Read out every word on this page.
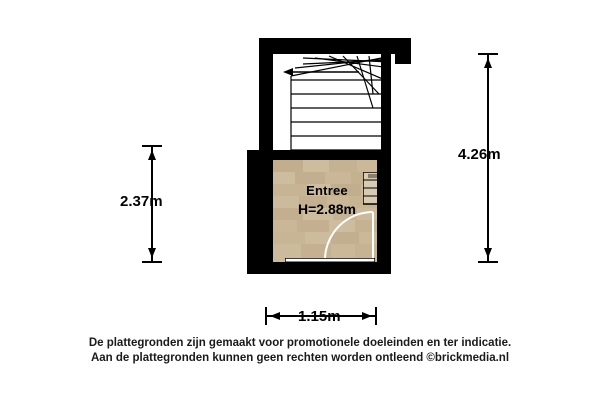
Entree
H=2.88m
2.37m
4.26m
1.15m
De plattegronden zijn gemaakt voor promotionele doeleinden en ter indicatie.
Aan de plattegronden kunnen geen rechten worden ontleend ©brickmedia.nl
